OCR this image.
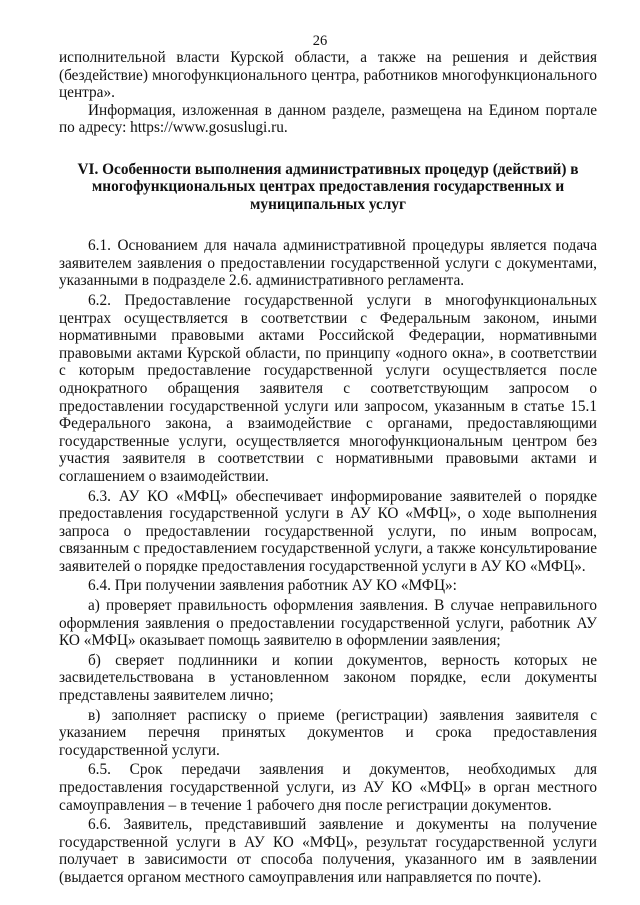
26

исполнительной власти Курской области, а также на решения и действия (бездействие) многофункционального центра, работников многофункционального центра».

Информация, изложенная в данном разделе, размещена на Едином портале по адресу: https://www.gosuslugi.ru.

VI. Особенности выполнения административных процедур (действий) в многофункциональных центрах предоставления государственных и муниципальных услуг

6.1. Основанием для начала административной процедуры является подача заявителем заявления о предоставлении государственной услуги с документами, указанными в подразделе 2.6. административного регламента.

6.2. Предоставление государственной услуги в многофункциональных центрах осуществляется в соответствии с Федеральным законом, иными нормативными правовыми актами Российской Федерации, нормативными правовыми актами Курской области, по принципу «одного окна», в соответствии с которым предоставление государственной услуги осуществляется после однократного обращения заявителя с соответствующим запросом о предоставлении государственной услуги или запросом, указанным в статье 15.1 Федерального закона, а взаимодействие с органами, предоставляющими государственные услуги, осуществляется многофункциональным центром без участия заявителя в соответствии с нормативными правовыми актами и соглашением о взаимодействии.

6.3. АУ КО «МФЦ» обеспечивает информирование заявителей о порядке предоставления государственной услуги в АУ КО «МФЦ», о ходе выполнения запроса о предоставлении государственной услуги, по иным вопросам, связанным с предоставлением государственной услуги, а также консультирование заявителей о порядке предоставления государственной услуги в АУ КО «МФЦ».

6.4. При получении заявления работник АУ КО «МФЦ»:

а) проверяет правильность оформления заявления. В случае неправильного оформления заявления о предоставлении государственной услуги, работник АУ КО «МФЦ» оказывает помощь заявителю в оформлении заявления;

б) сверяет подлинники и копии документов, верность которых не засвидетельствована в установленном законом порядке, если документы представлены заявителем лично;

в) заполняет расписку о приеме (регистрации) заявления заявителя с указанием перечня принятых документов и срока предоставления государственной услуги.

6.5. Срок передачи заявления и документов, необходимых для предоставления государственной услуги, из АУ КО «МФЦ» в орган местного самоуправления – в течение 1 рабочего дня после регистрации документов.

6.6. Заявитель, представивший заявление и документы на получение государственной услуги в АУ КО «МФЦ», результат государственной услуги получает в зависимости от способа получения, указанного им в заявлении (выдается органом местного самоуправления или направляется по почте).
